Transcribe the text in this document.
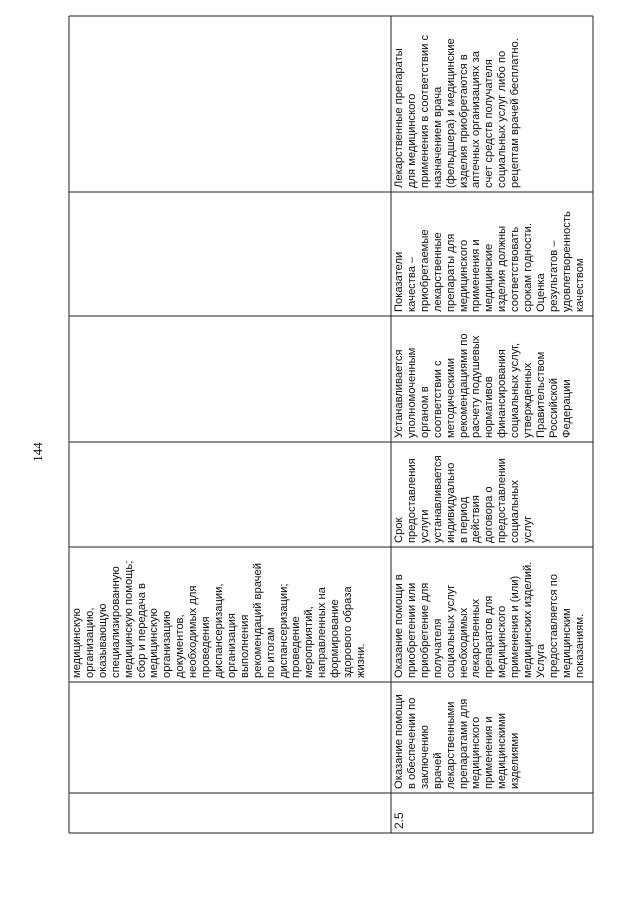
144
медицинскую
организацию,
оказывающую
специализированную
медицинскую помощь;
сбор и передача в
медицинскую
организацию
документов,
необходимых для
проведения
диспансеризации,
организация
выполнения
рекомендаций врачей
по итогам
диспансеризации;
проведение
мероприятий,
направленных на
формирование
здорового образа
жизни.
2.5
Оказание помощи
в обеспечении по
заключению
врачей
лекарственными
препаратами для
медицинского
применения и
медицинскими
изделиями
Оказание помощи в
приобретении или
приобретение для
получателя
социальных услуг
необходимых
лекарственных
препаратов для
медицинского
применения и (или)
медицинских изделий.
Услуга
предоставляется по
медицинским
показаниям.
Срок
предоставления
услуги
устанавливается
индивидуально
в период
действия
договора о
предоставлении
социальных
услуг
Устанавливается
уполномоченным
органом в
соответствии с
методическими
рекомендациями по
расчету подушевых
нормативов
финансирования
социальных услуг,
утвержденных
Правительством
Российской
Федерации
Показатели
качества –
приобретаемые
лекарственные
препараты для
медицинского
применения и
медицинские
изделия должны
соответствовать
срокам годности.
Оценка
результатов –
удовлетворенность
качеством
Лекарственные препараты
для медицинского
применения в соответствии с
назначением врача
(фельдшера) и медицинские
изделия приобретаются в
аптечных организациях за
счет средств получателя
социальных услуг либо по
рецептам врачей бесплатно.
